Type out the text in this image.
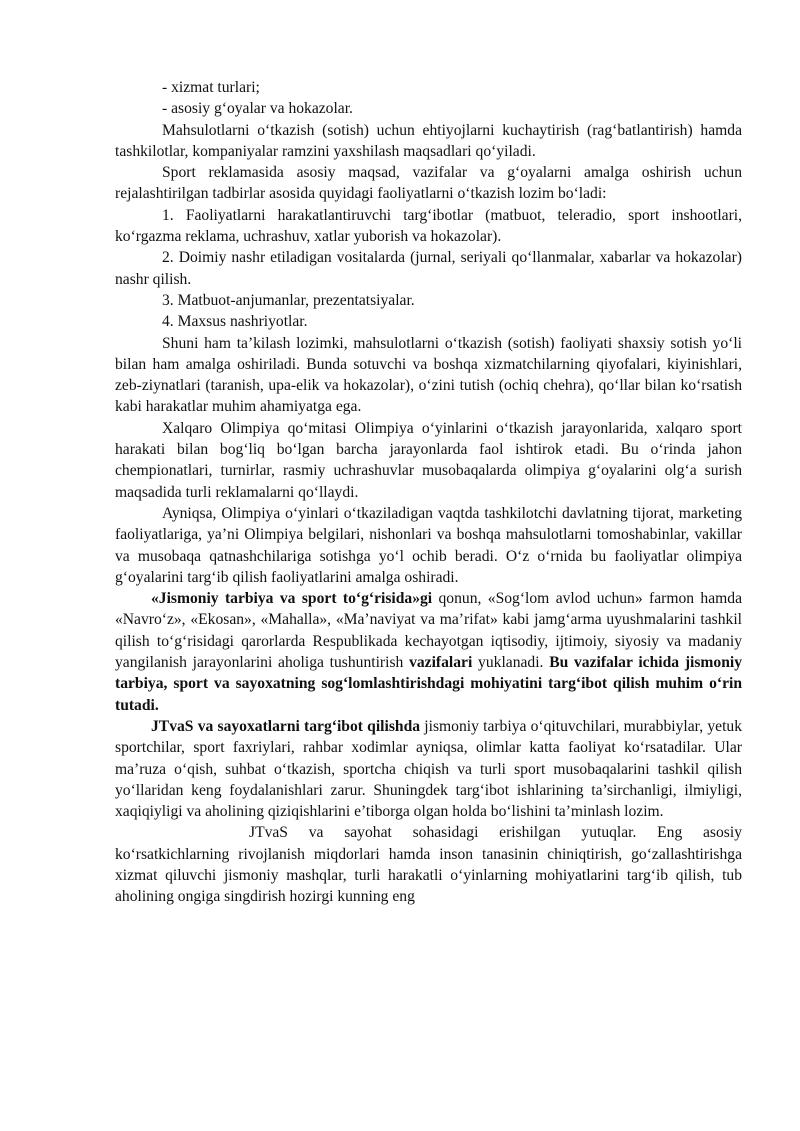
- xizmat turlari;

- asosiy g‘oyalar va hokazolar.

Mahsulotlarni o‘tkazish (sotish) uchun ehtiyojlarni kuchaytirish (rag‘batlantirish) hamda tashkilotlar, kompaniyalar ramzini yaxshilash maqsadlari qo‘yiladi.

Sport reklamasida asosiy maqsad, vazifalar va g‘oyalarni amalga oshirish uchun rejalashtirilgan tadbirlar asosida quyidagi faoliyatlarni o‘tkazish lozim bo‘ladi:

1. Faoliyatlarni harakatlantiruvchi targ‘ibotlar (matbuot, teleradio, sport inshootlari, ko‘rgazma reklama, uchrashuv, xatlar yuborish va hokazolar).

2. Doimiy nashr etiladigan vositalarda (jurnal, seriyali qo‘llanmalar, xabarlar va hokazolar) nashr qilish.

3. Matbuot-anjumanlar, prezentatsiyalar.

4. Maxsus nashriyotlar.

Shuni ham ta’kilash lozimki, mahsulotlarni o‘tkazish (sotish) faoliyati shaxsiy sotish yo‘li bilan ham amalga oshiriladi. Bunda sotuvchi va boshqa xizmatchilarning qiyofalari, kiyinishlari, zeb-ziynatlari (taranish, upa-elik va hokazolar), o‘zini tutish (ochiq chehra), qo‘llar bilan ko‘rsatish kabi harakatlar muhim ahamiyatga ega.

Xalqaro Olimpiya qo‘mitasi Olimpiya o‘yinlarini o‘tkazish jarayonlarida, xalqaro sport harakati bilan bog‘liq bo‘lgan barcha jarayonlarda faol ishtirok etadi. Bu o‘rinda jahon chempionatlari, turnirlar, rasmiy uchrashuvlar musobaqalarda olimpiya g‘oyalarini olg‘a surish maqsadida turli reklamalarni qo‘llaydi.

Ayniqsa, Olimpiya o‘yinlari o‘tkaziladigan vaqtda tashkilotchi davlatning tijorat, marketing faoliyatlariga, ya’ni Olimpiya belgilari, nishonlari va boshqa mahsulotlarni tomoshabinlar, vakillar va musobaqa qatnashchilariga sotishga yo‘l ochib beradi. O‘z o‘rnida bu faoliyatlar olimpiya g‘oyalarini targ‘ib qilish faoliyatlarini amalga oshiradi.

«Jismoniy tarbiya va sport to‘g‘risida»gi qonun, «Sog‘lom avlod uchun» farmon hamda «Navro‘z», «Ekosan», «Mahalla», «Ma’naviyat va ma’rifat» kabi jamg‘arma uyushmalarini tashkil qilish to‘g‘risidagi qarorlarda Respublikada kechayotgan iqtisodiy, ijtimoiy, siyosiy va madaniy yangilanish jarayonlarini aholiga tushuntirish vazifalari yuklanadi. Bu vazifalar ichida jismoniy tarbiya, sport va sayoxatning sog‘lomlashtirishdagi mohiyatini targ‘ibot qilish muhim o‘rin tutadi.

JTvaS va sayoxatlarni targ‘ibot qilishda jismoniy tarbiya o‘qituvchilari, murabbiylar, yetuk sportchilar, sport faxriylari, rahbar xodimlar ayniqsa, olimlar katta faoliyat ko‘rsatadilar. Ular ma’ruza o‘qish, suhbat o‘tkazish, sportcha chiqish va turli sport musobaqalarini tashkil qilish yo‘llaridan keng foydalanishlari zarur. Shuningdek targ‘ibot ishlarining ta’sirchanligi, ilmiyligi, xaqiqiyligi va aholining qiziqishlarini e’tiborga olgan holda bo‘lishini ta’minlash lozim.

JTvaS va sayohat sohasidagi erishilgan yutuqlar. Eng asosiy ko‘rsatkichlarning rivojlanish miqdorlari hamda inson tanasinin chiniqtirish, go‘zallashtirishga xizmat qiluvchi jismoniy mashqlar, turli harakatli o‘yinlarning mohiyatlarini targ‘ib qilish, tub aholining ongiga singdirish hozirgi kunning eng
